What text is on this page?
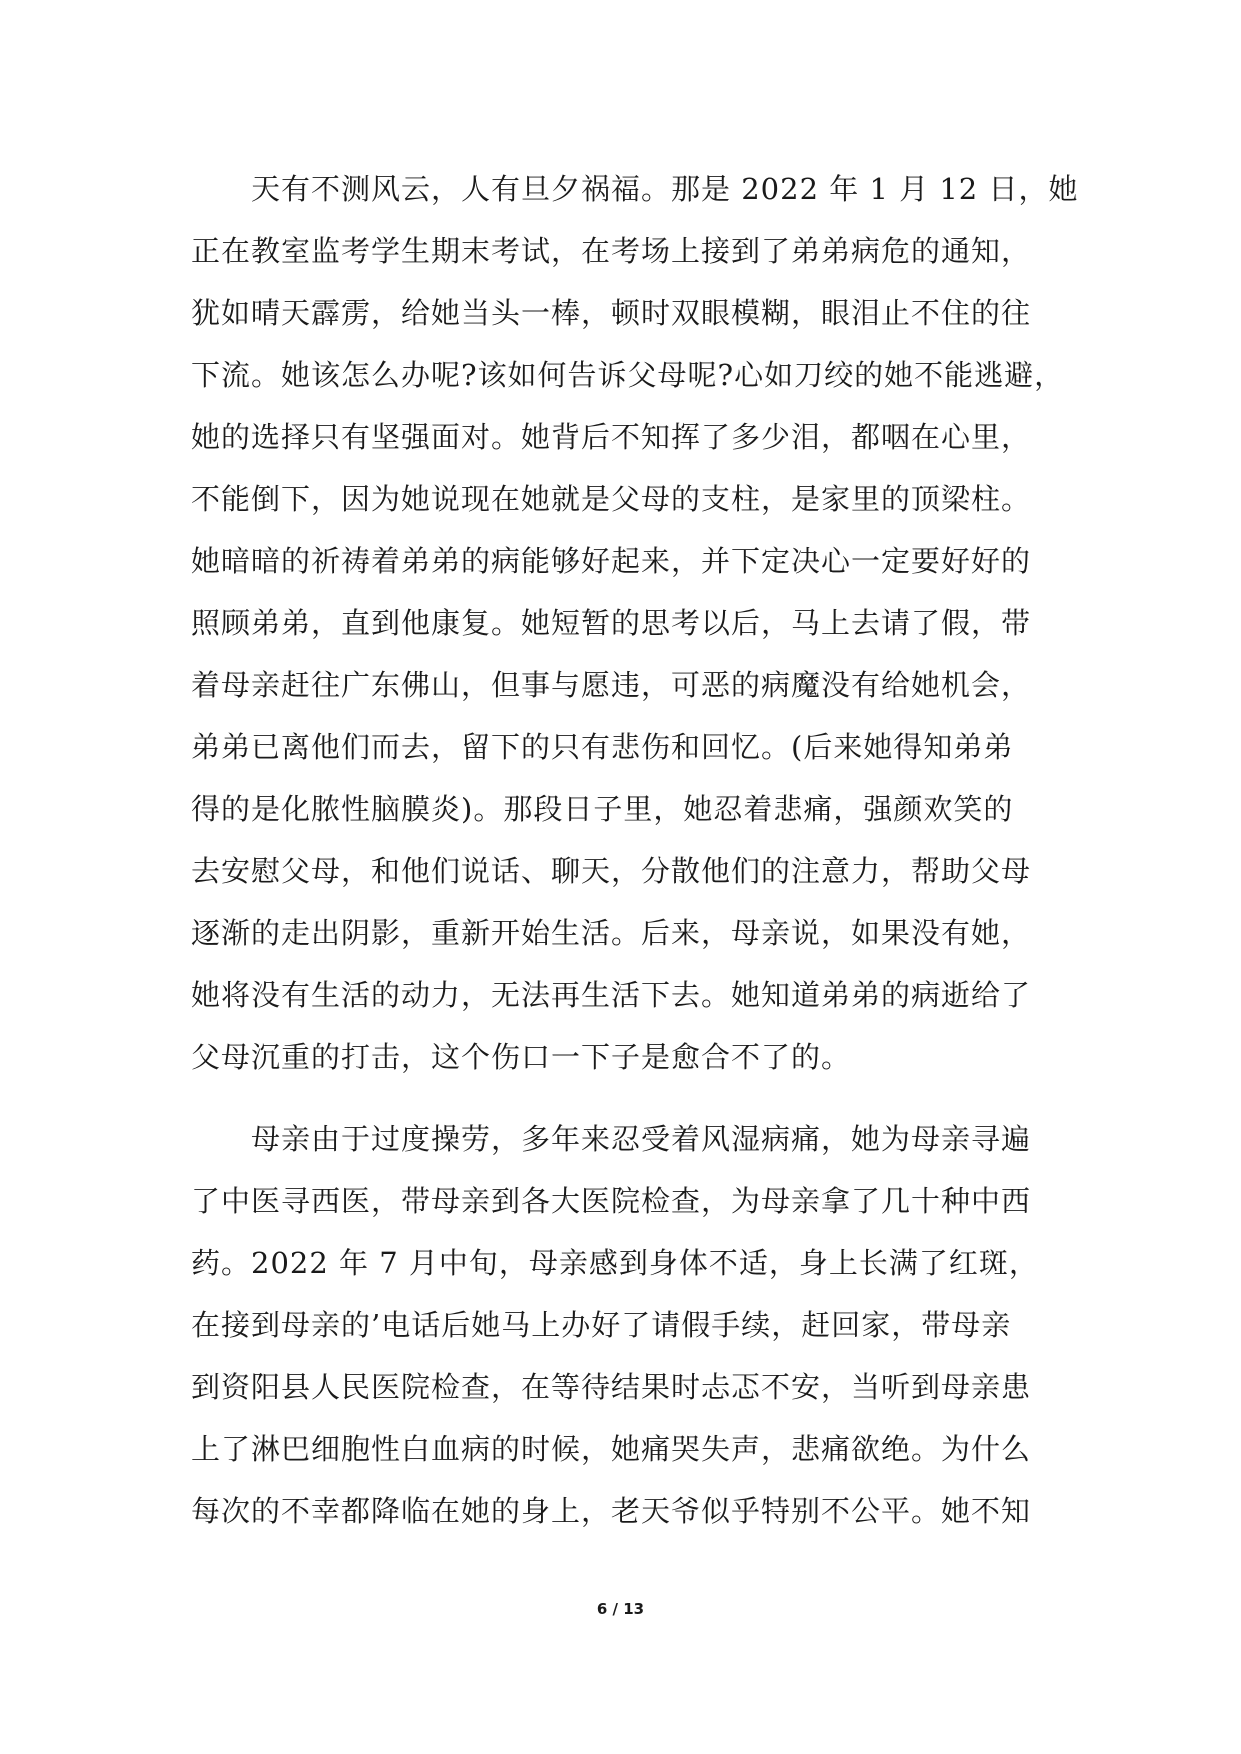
　　天有不测风云，人有旦夕祸福。那是 2022 年 1 月 12 日，她
正在教室监考学生期末考试，在考场上接到了弟弟病危的通知，
犹如晴天霹雳，给她当头一棒，顿时双眼模糊，眼泪止不住的往
下流。她该怎么办呢?该如何告诉父母呢?心如刀绞的她不能逃避，
她的选择只有坚强面对。她背后不知挥了多少泪，都咽在心里，
不能倒下，因为她说现在她就是父母的支柱，是家里的顶梁柱。
她暗暗的祈祷着弟弟的病能够好起来，并下定决心一定要好好的
照顾弟弟，直到他康复。她短暂的思考以后，马上去请了假，带
着母亲赶往广东佛山，但事与愿违，可恶的病魔没有给她机会，
弟弟已离他们而去，留下的只有悲伤和回忆。(后来她得知弟弟
得的是化脓性脑膜炎)。那段日子里，她忍着悲痛，强颜欢笑的
去安慰父母，和他们说话、聊天，分散他们的注意力，帮助父母
逐渐的走出阴影，重新开始生活。后来，母亲说，如果没有她，
她将没有生活的动力，无法再生活下去。她知道弟弟的病逝给了
父母沉重的打击，这个伤口一下子是愈合不了的。
　　母亲由于过度操劳，多年来忍受着风湿病痛，她为母亲寻遍
了中医寻西医，带母亲到各大医院检查，为母亲拿了几十种中西
药。2022 年 7 月中旬，母亲感到身体不适，身上长满了红斑，
在接到母亲的’电话后她马上办好了请假手续，赶回家，带母亲
到资阳县人民医院检查，在等待结果时忐忑不安，当听到母亲患
上了淋巴细胞性白血病的时候，她痛哭失声，悲痛欲绝。为什么
每次的不幸都降临在她的身上，老天爷似乎特别不公平。她不知
6 / 13
